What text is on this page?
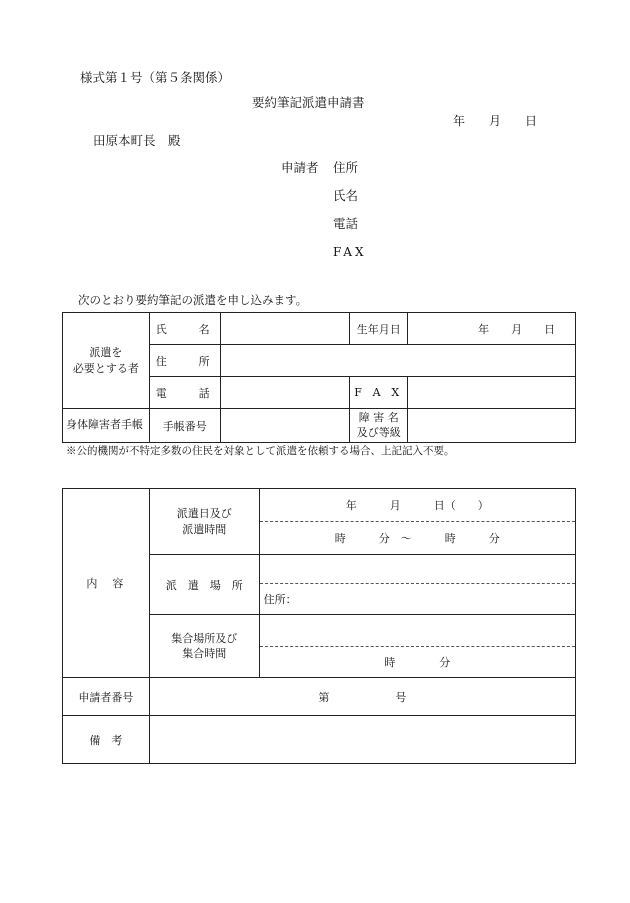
様式第１号（第５条関係）
要約筆記派遣申請書
年　　月　　日
田原本町長　殿
申請者 住所
氏名
電話
FAX
次のとおり要約筆記の派遣を申し込みます。
派遣を
必要とする者	氏 名		生年月日	年　　月　　日

	住 所			

	電 話		F A X	

身体障害者手帳	手帳番号		障 害 名
及び等級	
※公的機関が不特定多数の住民を対象として派遣を依頼する場合、上記記入不要。
内　容	派遣日及び
派遣時間	年　　　月　　　日（　　）
		時　　　分　〜　　　時　　　分
	派　遣　場　所	
		住所：
	集合場所及び
集合時間	
		時　　　　分
申請者番号	第　　　　　　号	
備　考		
